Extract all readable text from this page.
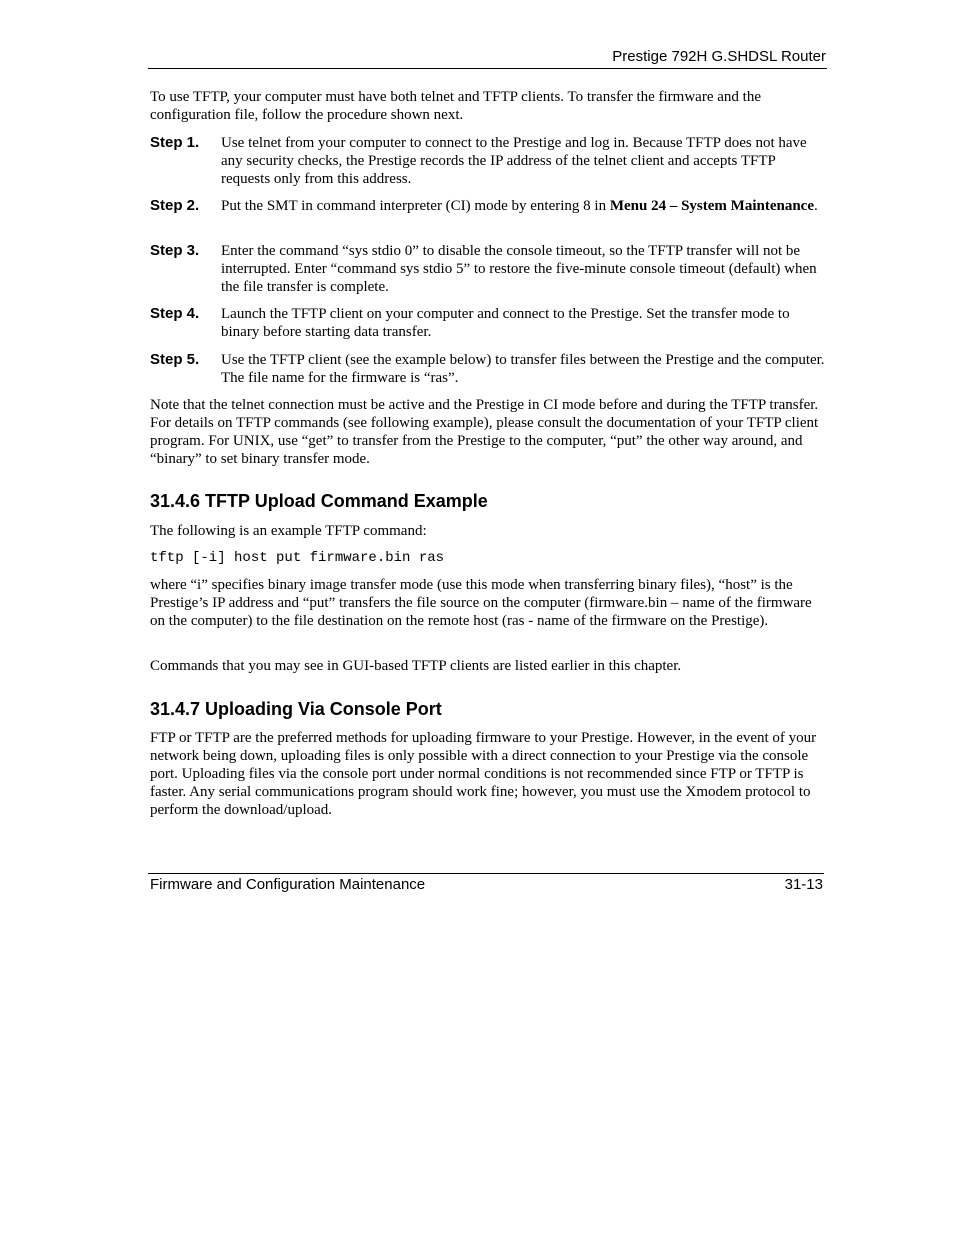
Prestige 792H G.SHDSL Router

To use TFTP, your computer must have both telnet and TFTP clients. To transfer the firmware and the configuration file, follow the procedure shown next.

Step 1. Use telnet from your computer to connect to the Prestige and log in. Because TFTP does not have any security checks, the Prestige records the IP address of the telnet client and accepts TFTP requests only from this address.
Step 2. Put the SMT in command interpreter (CI) mode by entering 8 in Menu 24 – System Maintenance.
Step 3. Enter the command “sys stdio 0” to disable the console timeout, so the TFTP transfer will not be interrupted. Enter “command sys stdio 5” to restore the five-minute console timeout (default) when the file transfer is complete.
Step 4. Launch the TFTP client on your computer and connect to the Prestige. Set the transfer mode to binary before starting data transfer.
Step 5. Use the TFTP client (see the example below) to transfer files between the Prestige and the computer. The file name for the firmware is “ras”.

Note that the telnet connection must be active and the Prestige in CI mode before and during the TFTP transfer. For details on TFTP commands (see following example), please consult the documentation of your TFTP client program. For UNIX, use “get” to transfer from the Prestige to the computer, “put” the other way around, and “binary” to set binary transfer mode.

31.4.6 TFTP Upload Command Example

The following is an example TFTP command:

tftp [-i] host put firmware.bin ras

where “i” specifies binary image transfer mode (use this mode when transferring binary files), “host” is the Prestige’s IP address and “put” transfers the file source on the computer (firmware.bin – name of the firmware on the computer) to the file destination on the remote host (ras - name of the firmware on the Prestige).

Commands that you may see in GUI-based TFTP clients are listed earlier in this chapter.

31.4.7 Uploading Via Console Port

FTP or TFTP are the preferred methods for uploading firmware to your Prestige. However, in the event of your network being down, uploading files is only possible with a direct connection to your Prestige via the console port. Uploading files via the console port under normal conditions is not recommended since FTP or TFTP is faster. Any serial communications program should work fine; however, you must use the Xmodem protocol to perform the download/upload.

Firmware and Configuration Maintenance	31-13
